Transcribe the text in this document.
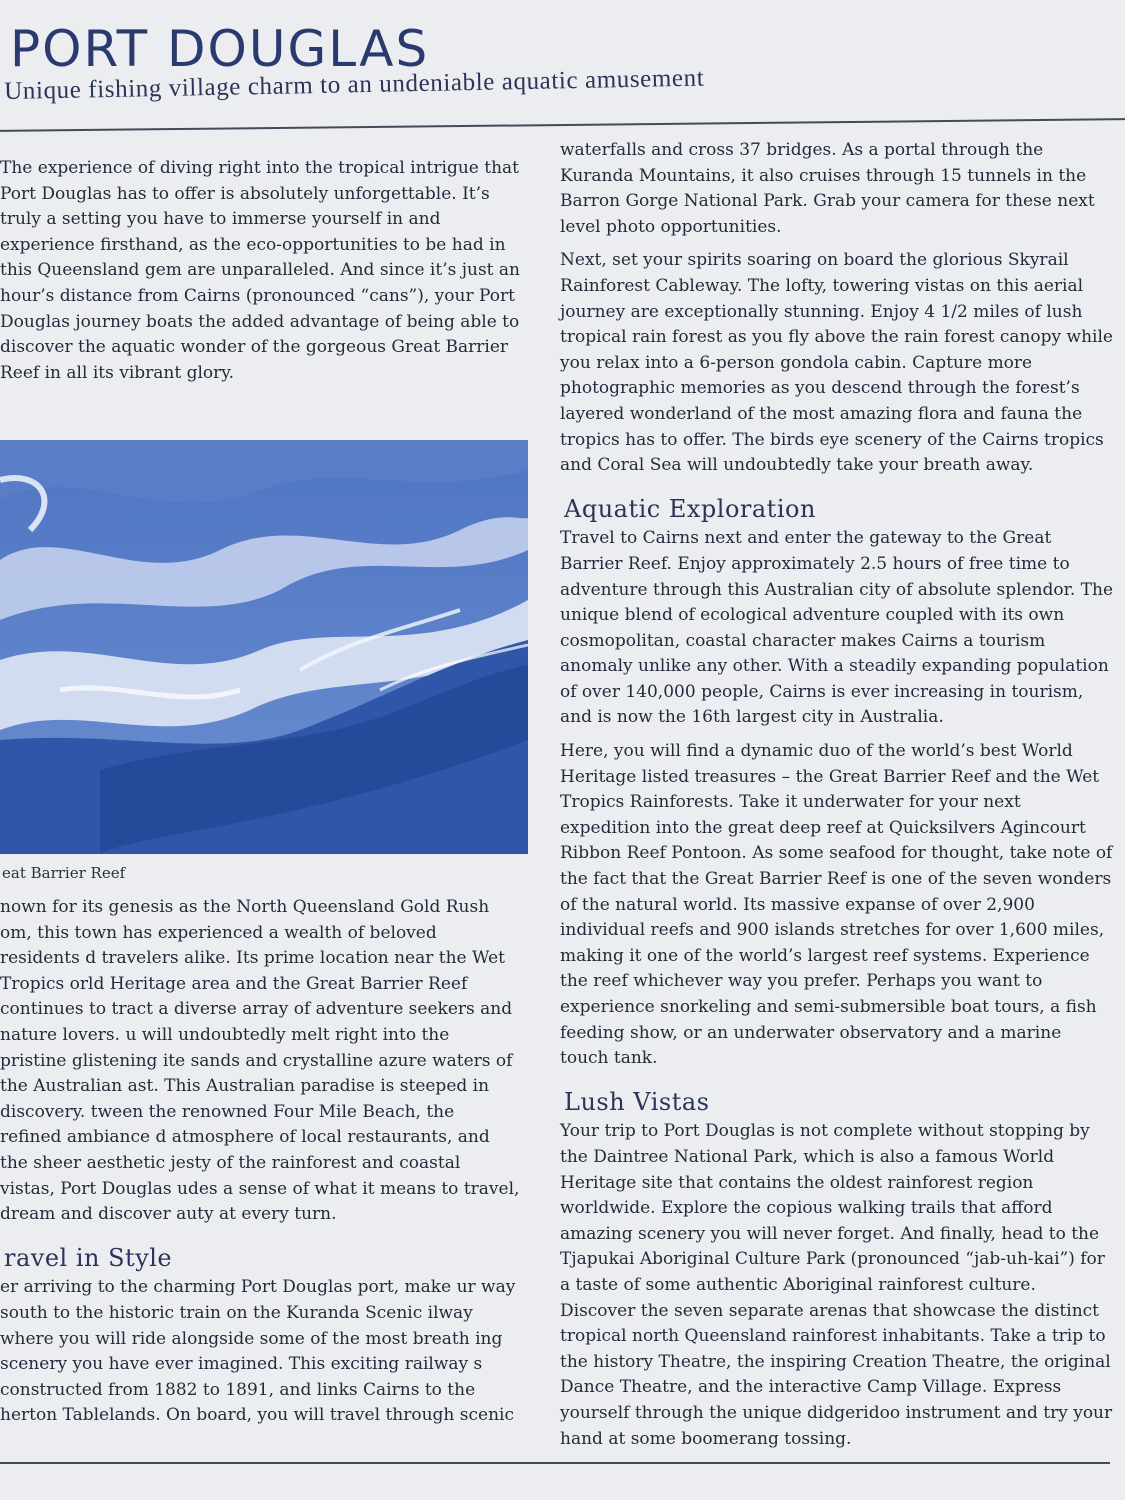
PORT DOUGLAS
Unique fishing village charm to an undeniable aquatic amusement

The experience of diving right into the tropical intrigue that Port Douglas has to offer is absolutely unforgettable. It’s truly a setting you have to immerse yourself in and experience firsthand, as the eco-opportunities to be had in this Queensland gem are unparalleled. And since it’s just an hour’s distance from Cairns (pronounced “cans”), your Port Douglas journey boats the added advantage of being able to discover the aquatic wonder of the gorgeous Great Barrier Reef in all its vibrant glory.

eat Barrier Reef

nown for its genesis as the North Queensland Gold Rush om, this town has experienced a wealth of beloved residents d travelers alike. Its prime location near the Wet Tropics orld Heritage area and the Great Barrier Reef continues to tract a diverse array of adventure seekers and nature lovers. u will undoubtedly melt right into the pristine glistening ite sands and crystalline azure waters of the Australian ast. This Australian paradise is steeped in discovery. tween the renowned Four Mile Beach, the refined ambiance d atmosphere of local restaurants, and the sheer aesthetic jesty of the rainforest and coastal vistas, Port Douglas udes a sense of what it means to travel, dream and discover auty at every turn.

ravel in Style

er arriving to the charming Port Douglas port, make ur way south to the historic train on the Kuranda Scenic ilway where you will ride alongside some of the most breath ing scenery you have ever imagined. This exciting railway s constructed from 1882 to 1891, and links Cairns to the herton Tablelands. On board, you will travel through scenic

waterfalls and cross 37 bridges. As a portal through the Kuranda Mountains, it also cruises through 15 tunnels in the Barron Gorge National Park. Grab your camera for these next level photo opportunities.

Next, set your spirits soaring on board the glorious Skyrail Rainforest Cableway. The lofty, towering vistas on this aerial journey are exceptionally stunning. Enjoy 4 1/2 miles of lush tropical rain forest as you fly above the rain forest canopy while you relax into a 6-person gondola cabin. Capture more photographic memories as you descend through the forest’s layered wonderland of the most amazing flora and fauna the tropics has to offer. The birds eye scenery of the Cairns tropics and Coral Sea will undoubtedly take your breath away.

Aquatic Exploration

Travel to Cairns next and enter the gateway to the Great Barrier Reef. Enjoy approximately 2.5 hours of free time to adventure through this Australian city of absolute splendor. The unique blend of ecological adventure coupled with its own cosmopolitan, coastal character makes Cairns a tourism anomaly unlike any other. With a steadily expanding population of over 140,000 people, Cairns is ever increasing in tourism, and is now the 16th largest city in Australia.

Here, you will find a dynamic duo of the world’s best World Heritage listed treasures – the Great Barrier Reef and the Wet Tropics Rainforests. Take it underwater for your next expedition into the great deep reef at Quicksilvers Agincourt Ribbon Reef Pontoon. As some seafood for thought, take note of the fact that the Great Barrier Reef is one of the seven wonders of the natural world. Its massive expanse of over 2,900 individual reefs and 900 islands stretches for over 1,600 miles, making it one of the world’s largest reef systems. Experience the reef whichever way you prefer. Perhaps you want to experience snorkeling and semi-submersible boat tours, a fish feeding show, or an underwater observatory and a marine touch tank.

Lush Vistas

Your trip to Port Douglas is not complete without stopping by the Daintree National Park, which is also a famous World Heritage site that contains the oldest rainforest region worldwide. Explore the copious walking trails that afford amazing scenery you will never forget. And finally, head to the Tjapukai Aboriginal Culture Park (pronounced “jab-uh-kai”) for a taste of some authentic Aboriginal rainforest culture. Discover the seven separate arenas that showcase the distinct tropical north Queensland rainforest inhabitants. Take a trip to the history Theatre, the inspiring Creation Theatre, the original Dance Theatre, and the interactive Camp Village. Express yourself through the unique didgeridoo instrument and try your hand at some boomerang tossing.
